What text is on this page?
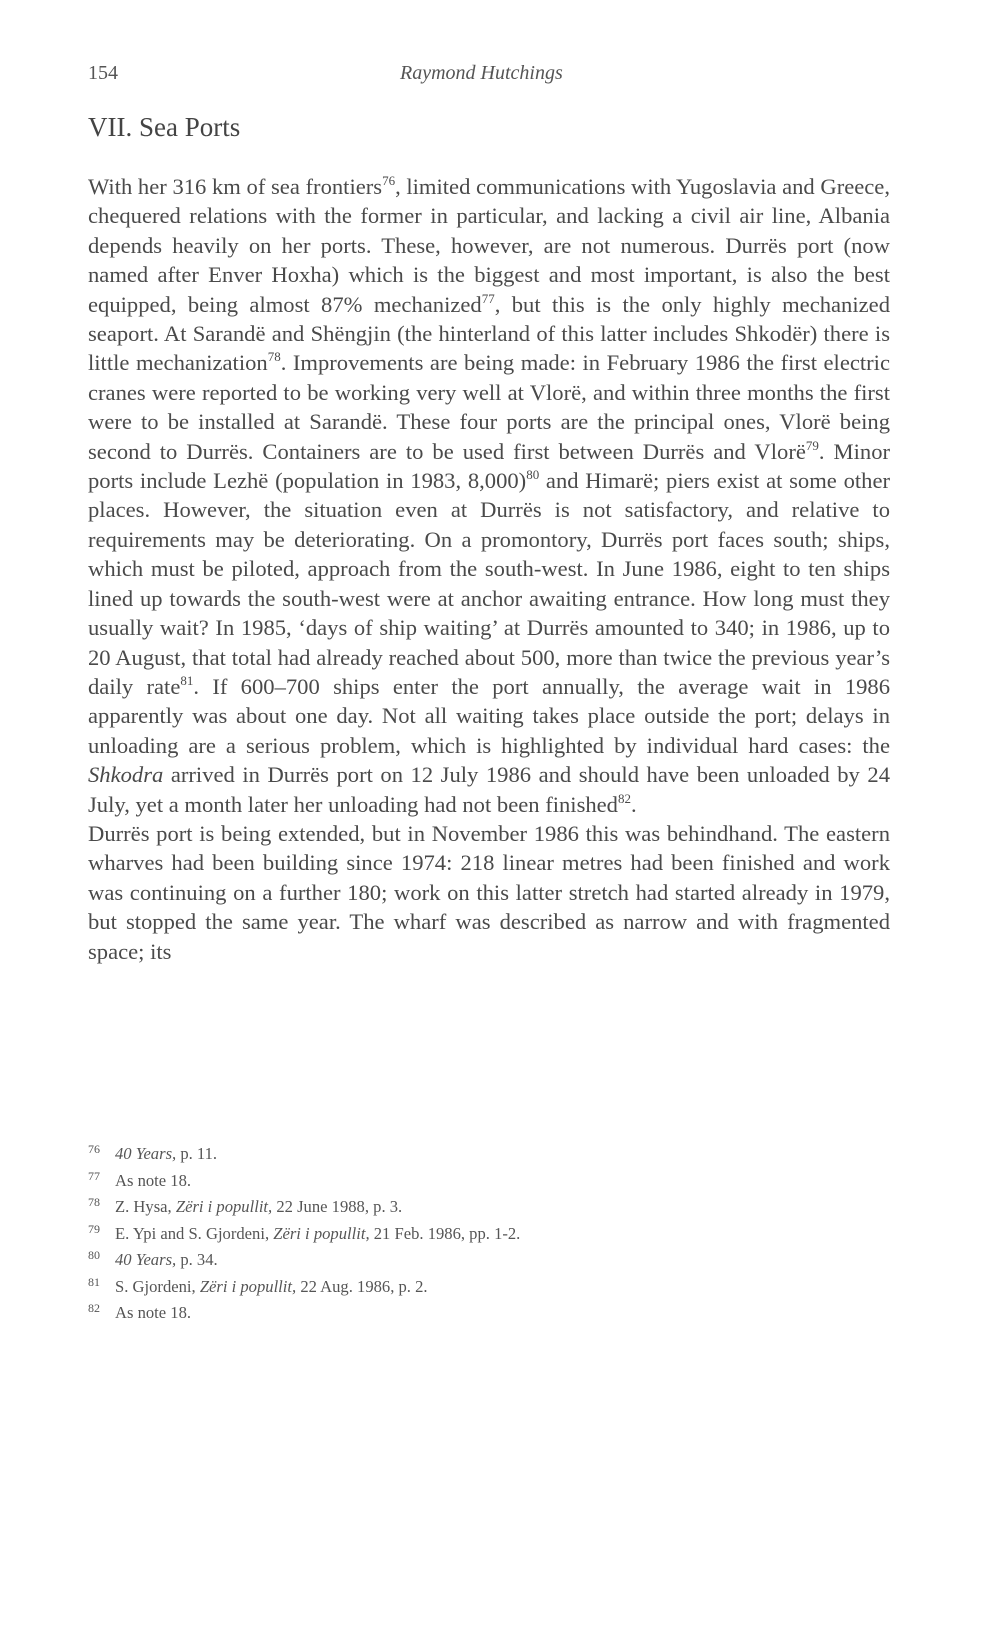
154	Raymond Hutchings
VII. Sea Ports

With her 316 km of sea frontiers$^{76}$, limited communications with Yugoslavia and Greece, chequered relations with the former in particular, and lacking a civil air line, Albania depends heavily on her ports. These, however, are not numerous. Durrës port (now named after Enver Hoxha) which is the biggest and most important, is also the best equipped, being almost 87% mechanized$^{77}$, but this is the only highly mechanized seaport. At Sarandë and Shëngjin (the hinterland of this latter includes Shkodër) there is little mechanization$^{78}$. Improvements are being made: in February 1986 the first electric cranes were reported to be working very well at Vlorë, and within three months the first were to be installed at Sarandë. These four ports are the principal ones, Vlorë being second to Durrës. Containers are to be used first between Durrës and Vlorë$^{79}$. Minor ports include Lezhë (population in 1983, 8,000)$^{80}$ and Himarë; piers exist at some other places. However, the situation even at Durrës is not satisfactory, and relative to requirements may be deteriorating. On a promontory, Durrës port faces south; ships, which must be piloted, approach from the south-west. In June 1986, eight to ten ships lined up towards the south-west were at anchor awaiting entrance. How long must they usually wait? In 1985, ‘days of ship waiting’ at Durrës amounted to 340; in 1986, up to 20 August, that total had already reached about 500, more than twice the previous year’s daily rate$^{81}$. If 600–700 ships enter the port annually, the average wait in 1986 apparently was about one day. Not all waiting takes place outside the port; delays in unloading are a serious problem, which is highlighted by individual hard cases: the Shkodra arrived in Durrës port on 12 July 1986 and should have been unloaded by 24 July, yet a month later her unloading had not been finished$^{82}$.

Durrës port is being extended, but in November 1986 this was behindhand. The eastern wharves had been building since 1974: 218 linear metres had been finished and work was continuing on a further 180; work on this latter stretch had started already in 1979, but stopped the same year. The wharf was described as narrow and with fragmented space; its

76 40 Years, p. 11.
77 As note 18.
78 Z. Hysa, Zëri i popullit, 22 June 1988, p. 3.
79 E. Ypi and S. Gjordeni, Zëri i popullit, 21 Feb. 1986, pp. 1-2.
80 40 Years, p. 34.
81 S. Gjordeni, Zëri i popullit, 22 Aug. 1986, p. 2.
82 As note 18.
